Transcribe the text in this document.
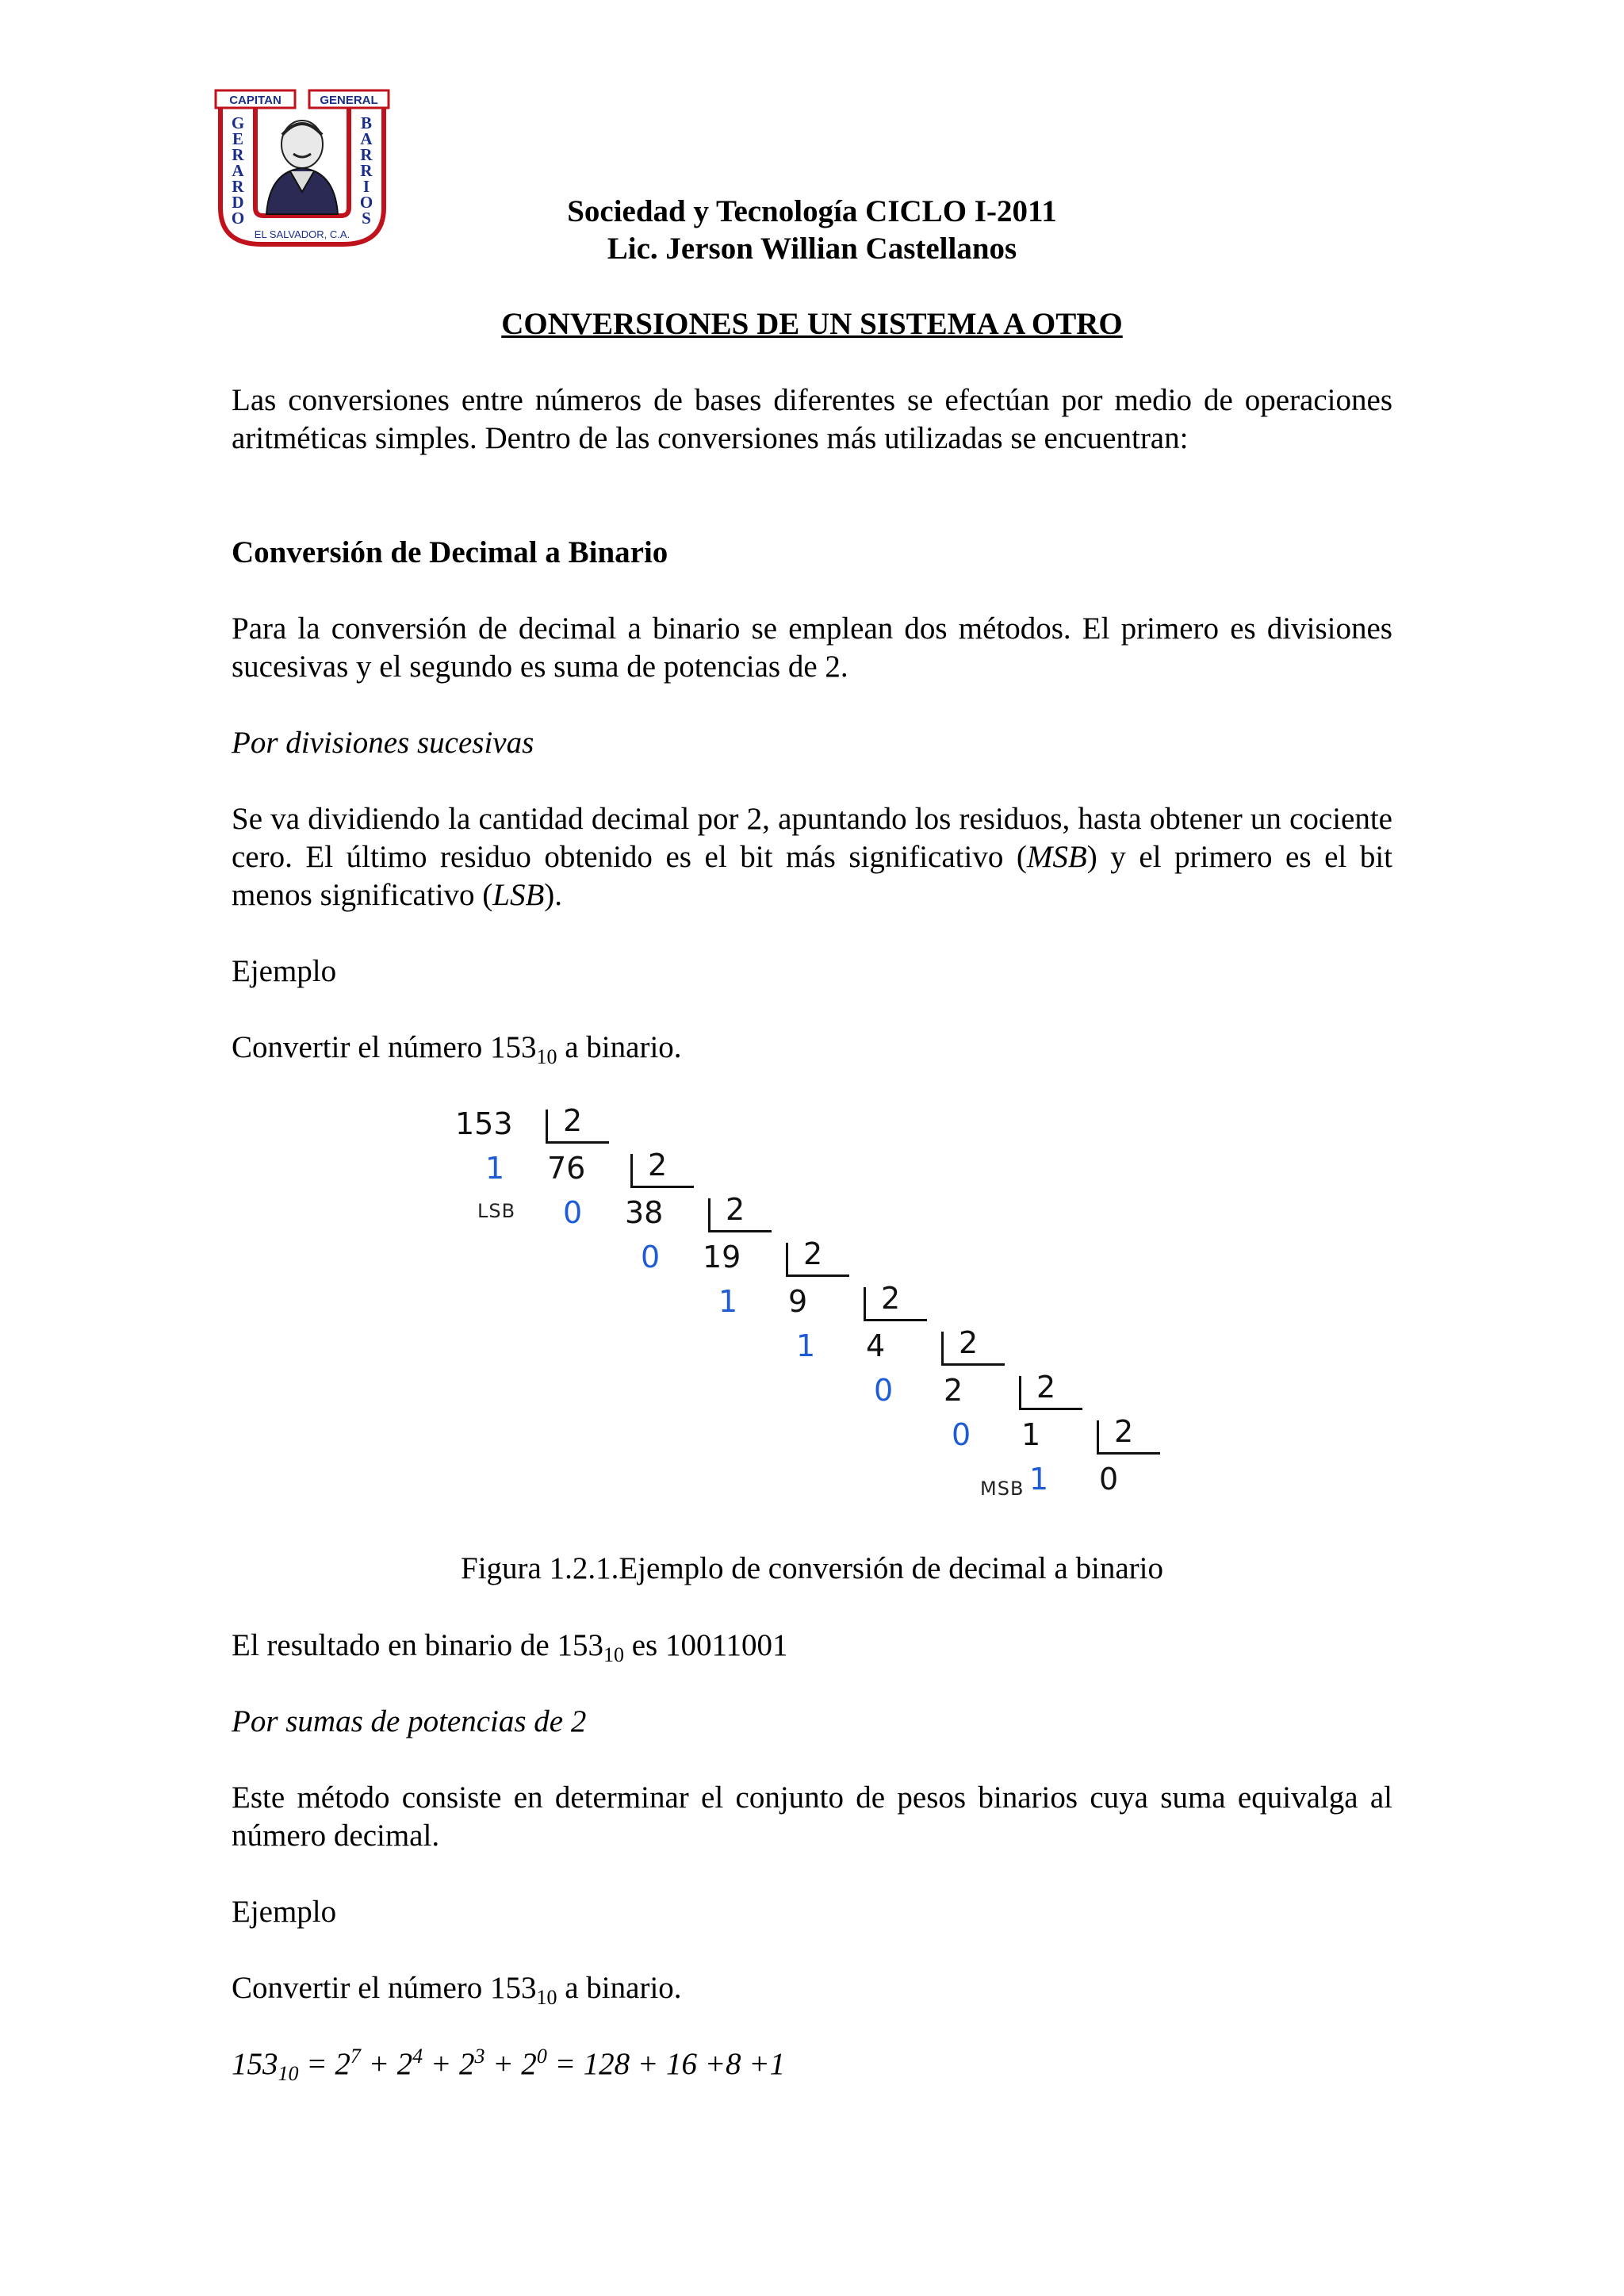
CAPITAN	GENERAL
G
E
R
A
R
D
O
B
A
R
R
I
O
S
EL SALVADOR, C.A.
Sociedad y Tecnología CICLO I-2011
Lic. Jerson Willian Castellanos
CONVERSIONES DE UN SISTEMA A OTRO
Las conversiones entre números de bases diferentes se efectúan por medio de operaciones aritméticas simples. Dentro de las conversiones más utilizadas se encuentran:
Conversión de Decimal a Binario
Para la conversión de decimal a binario se emplean dos métodos. El primero es divisiones sucesivas y el segundo es suma de potencias de 2.
Por divisiones sucesivas
Se va dividiendo la cantidad decimal por 2, apuntando los residuos, hasta obtener un cociente cero. El último residuo obtenido es el bit más significativo (MSB) y el primero es el bit menos significativo (LSB).
Ejemplo
Convertir el número $153_{10}$ a binario.
153 2
76 2
38 2
19 2
9 2
4 2
2 2
1 2
0
1
0
0
1
1
0
0
1
LSB
MSB
Figura 1.2.1.Ejemplo de conversión de decimal a binario
El resultado en binario de $153_{10}$ es 10011001
Por sumas de potencias de 2
Este método consiste en determinar el conjunto de pesos binarios cuya suma equivalga al número decimal.
Ejemplo
Convertir el número $153_{10}$ a binario.
$153_{10} = 2^7 + 2^4 + 2^3 + 2^0 = 128 + 16 +8 +1$
